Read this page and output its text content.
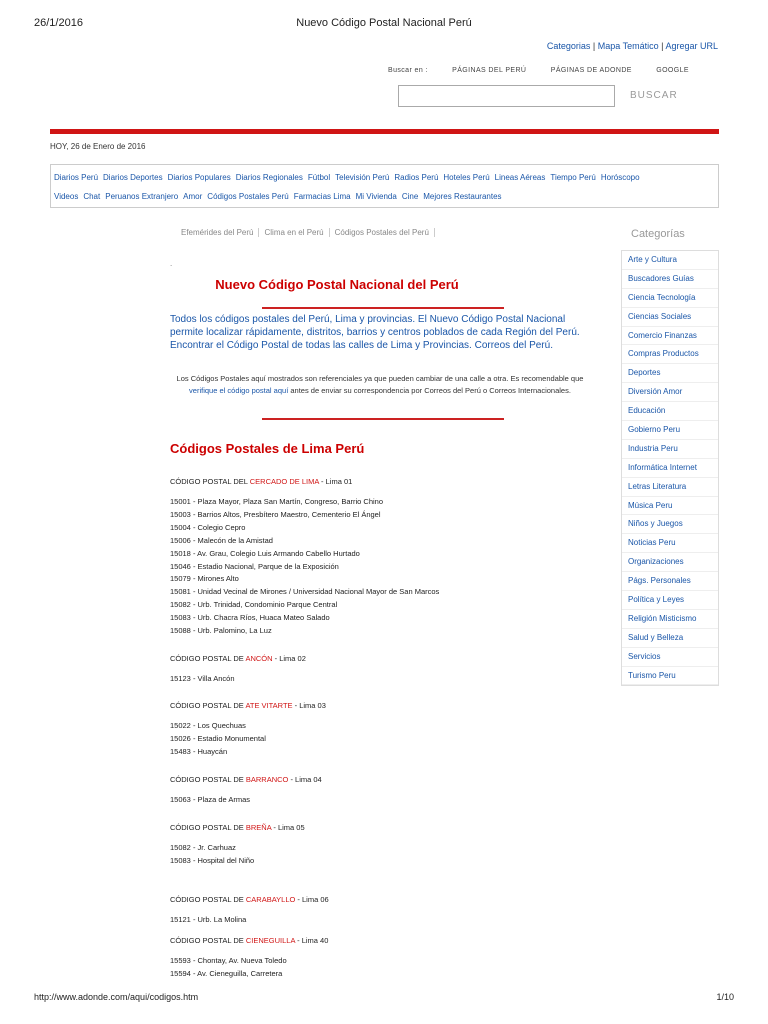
26/1/2016	Nuevo Código Postal Nacional Perú
Categorias | Mapa Temático | Agregar URL
Buscar en :	PÁGINAS DEL PERÚ	PÁGINAS DE ADONDE	GOOGLE
BUSCAR
HOY, 26 de Enero de 2016
Diarios Perú Diarios Deportes Diarios Populares Diarios Regionales Fútbol Televisión Perú Radios Perú Hoteles Perú Lineas Aéreas Tiempo Perú Horóscopo
Videos Chat Peruanos Extranjero Amor Códigos Postales Perú Farmacias Lima Mi Vivienda Cine Mejores Restaurantes
Efemérides del Perú Clima en el Perú Códigos Postales del Perú	Categorías
Arte y Cultura
Buscadores Guías
Ciencia Tecnología
Ciencias Sociales
Comercio Finanzas
Compras Productos
Deportes
Diversión Amor
Educación
Gobierno Peru
Industria Peru
Informática Internet
Letras Literatura
Música Peru
Niños y Juegos
Noticias Peru
Organizaciones
Págs. Personales
Política y Leyes
Religión Misticismo
Salud y Belleza
Servicios
Turismo Peru
.
Nuevo Código Postal Nacional del Perú
Todos los códigos postales del Perú, Lima y provincias. El Nuevo Código Postal Nacional permite localizar rápidamente, distritos, barrios y centros poblados de cada Región del Perú. Encontrar el Código Postal de todas las calles de Lima y Provincias. Correos del Perú.
Los Códigos Postales aquí mostrados son referenciales ya que pueden cambiar de una calle a otra. Es recomendable que verifique el código postal aquí antes de enviar su correspondencia por Correos del Perú o Correos Internacionales.
Códigos Postales de Lima Perú
CÓDIGO POSTAL DEL CERCADO DE LIMA - Lima 01
15001 - Plaza Mayor, Plaza San Martín, Congreso, Barrio Chino
15003 - Barrios Altos, Presbítero Maestro, Cementerio El Ángel
15004 - Colegio Cepro
15006 - Malecón de la Amistad
15018 - Av. Grau, Colegio Luis Armando Cabello Hurtado
15046 - Estadio Nacional, Parque de la Exposición
15079 - Mirones Alto
15081 - Unidad Vecinal de Mirones / Universidad Nacional Mayor de San Marcos
15082 - Urb. Trinidad, Condominio Parque Central
15083 - Urb. Chacra Ríos, Huaca Mateo Salado
15088 - Urb. Palomino, La Luz
CÓDIGO POSTAL DE ANCÓN - Lima 02
15123 - Villa Ancón
CÓDIGO POSTAL DE ATE VITARTE - Lima 03
15022 - Los Quechuas
15026 - Estadio Monumental
15483 - Huaycán
CÓDIGO POSTAL DE BARRANCO - Lima 04
15063 - Plaza de Armas
CÓDIGO POSTAL DE BREÑA - Lima 05
15082 - Jr. Carhuaz
15083 - Hospital del Niño
CÓDIGO POSTAL DE CARABAYLLO - Lima 06
15121 - Urb. La Molina
CÓDIGO POSTAL DE CIENEGUILLA - Lima 40
15593 - Chontay, Av. Nueva Toledo
15594 - Av. Cieneguilla, Carretera
http://www.adonde.com/aqui/codigos.htm	1/10
